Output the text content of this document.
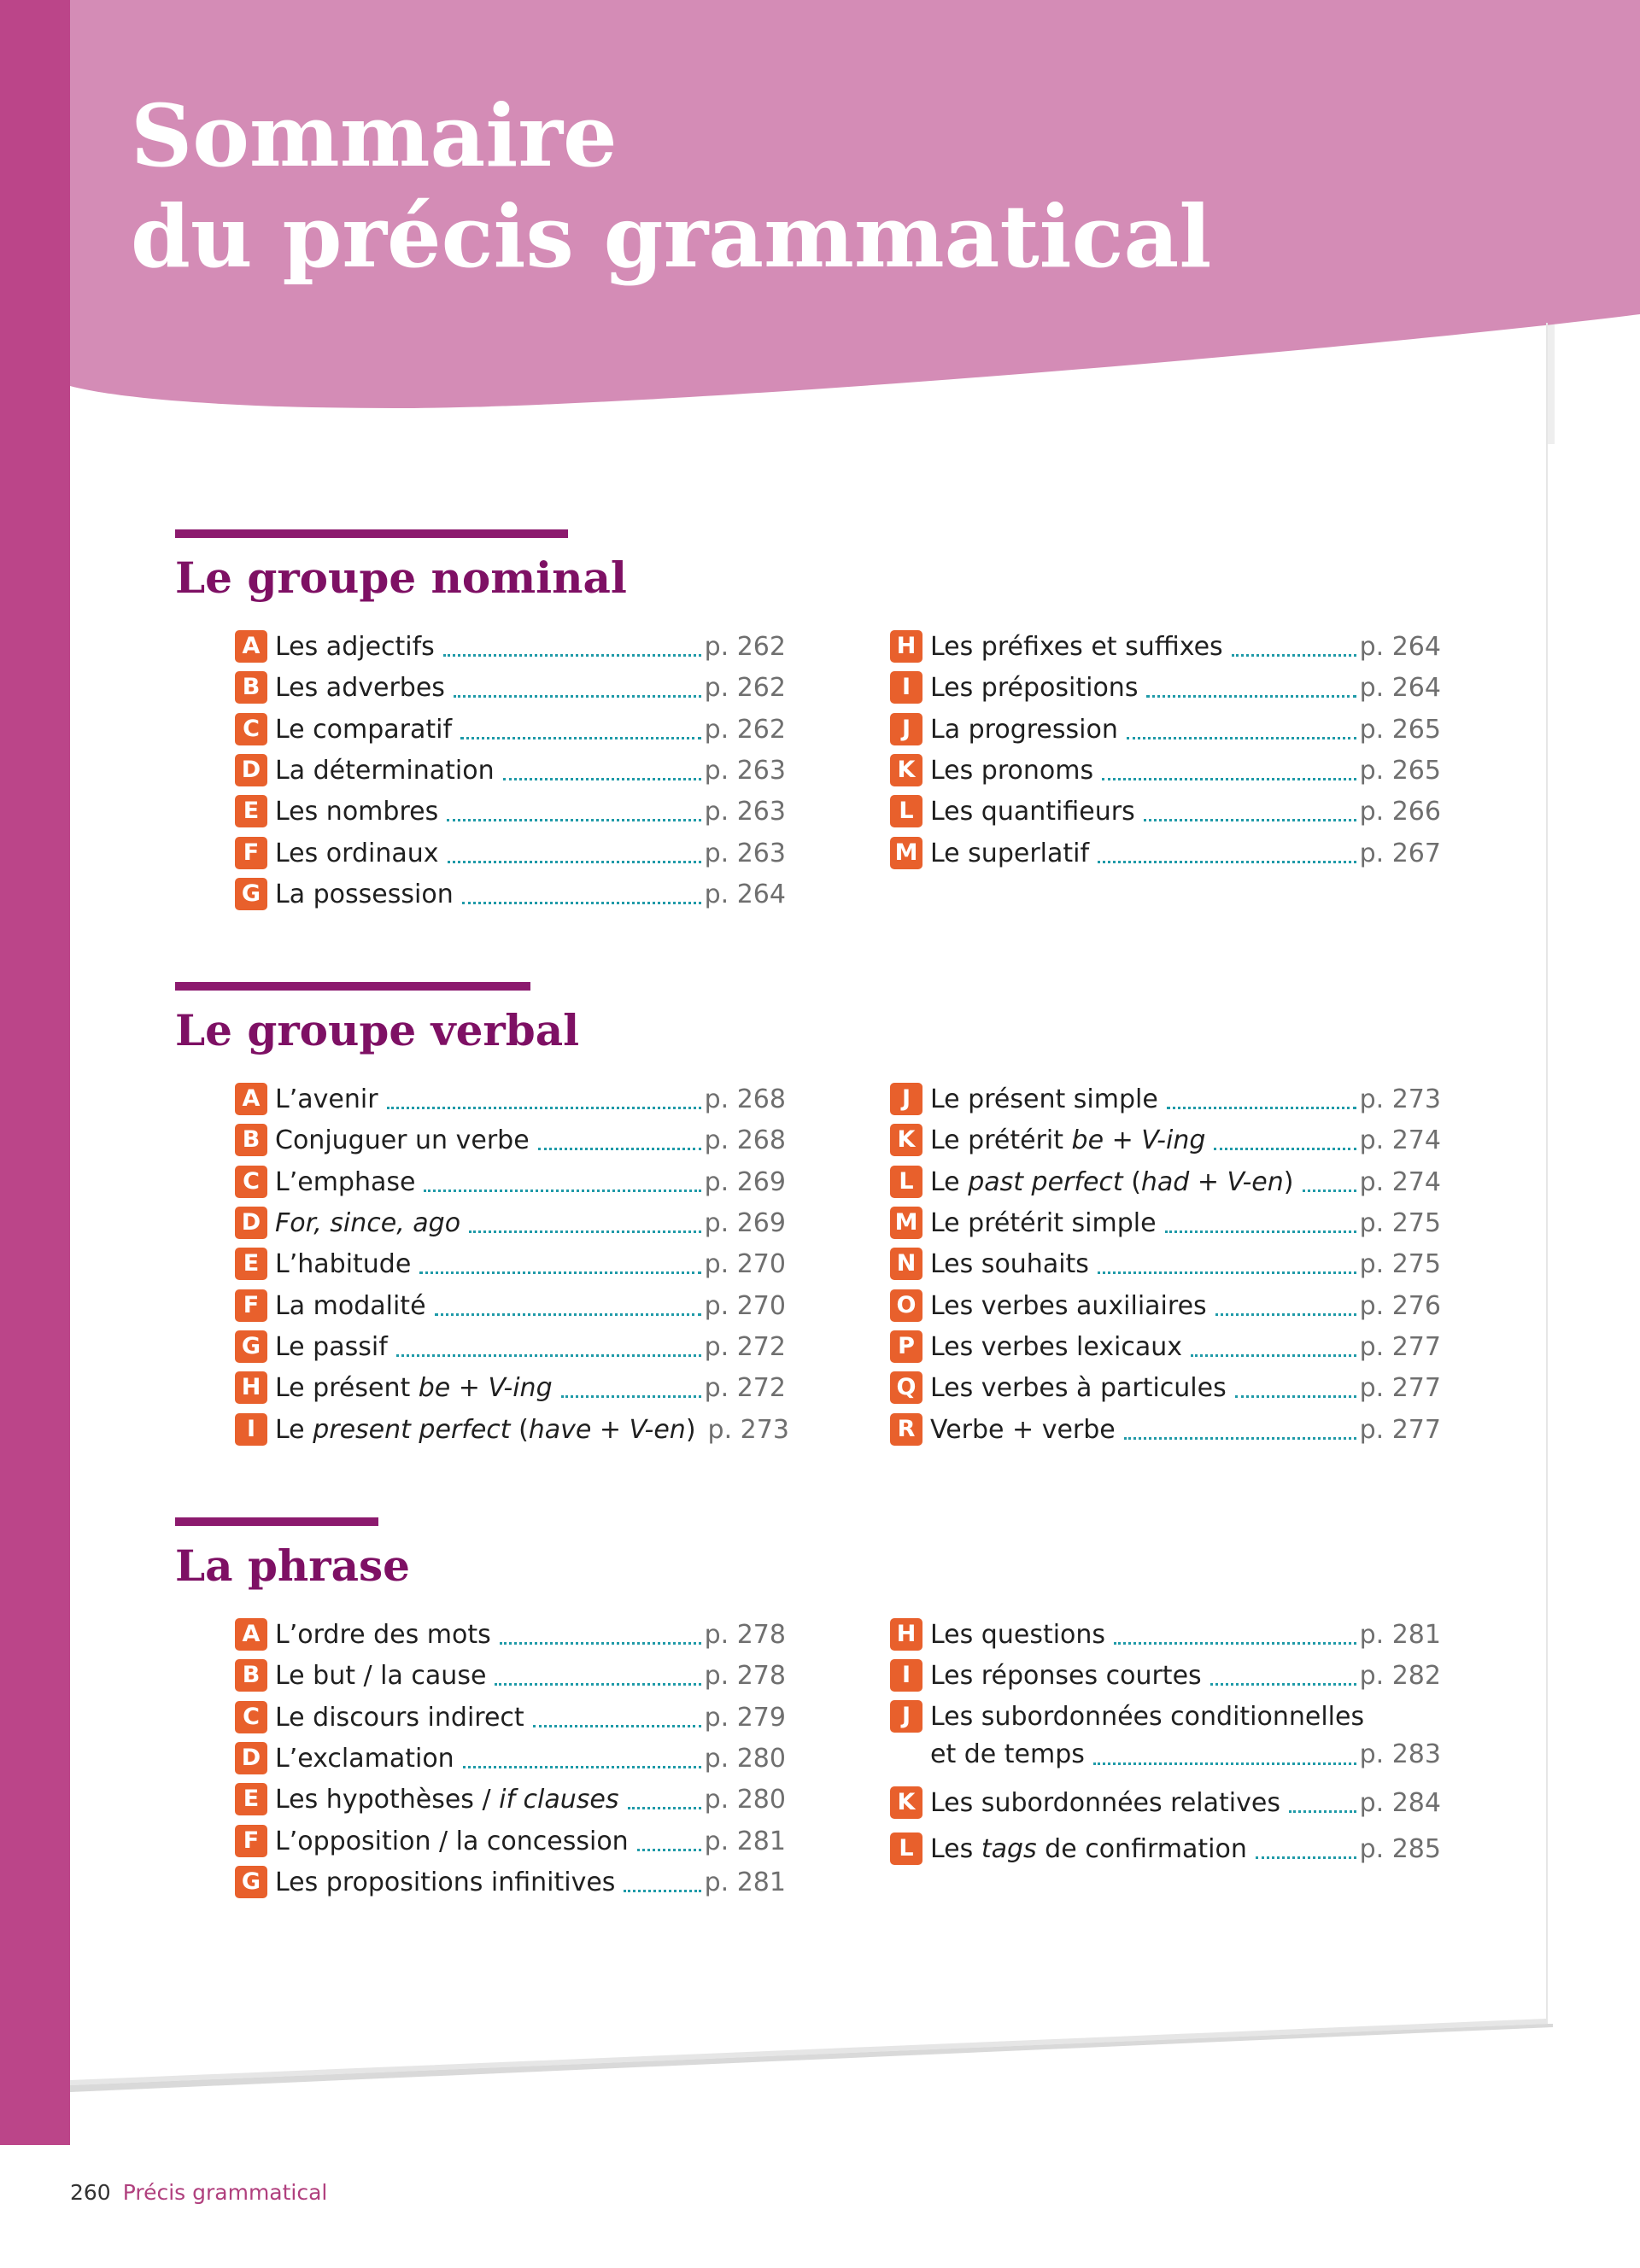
Sommaire
du précis grammatical
Le groupe nominal
A Les adjectifs	p. 262
B Les adverbes	p. 262
C Le comparatif	p. 262
D La détermination	p. 263
E Les nombres	p. 263
F Les ordinaux	p. 263
G La possession	p. 264
H Les préfixes et suffixes	p. 264
I Les prépositions	p. 264
J La progression	p. 265
K Les pronoms	p. 265
L Les quantifieurs	p. 266
M Le superlatif	p. 267
Le groupe verbal
A L’avenir	p. 268
B Conjuguer un verbe	p. 268
C L’emphase	p. 269
D For, since, ago	p. 269
E L’habitude	p. 270
F La modalité	p. 270
G Le passif	p. 272
H Le présent be + V-ing	p. 272
I Le present perfect (have + V-en) p. 273
J Le présent simple	p. 273
K Le prétérit be + V-ing	p. 274
L Le past perfect (had + V-en)	p. 274
M Le prétérit simple	p. 275
N Les souhaits	p. 275
O Les verbes auxiliaires	p. 276
P Les verbes lexicaux	p. 277
Q Les verbes à particules	p. 277
R Verbe + verbe	p. 277
La phrase
A L’ordre des mots	p. 278
B Le but / la cause	p. 278
C Le discours indirect	p. 279
D L’exclamation	p. 280
E Les hypothèses / if clauses	p. 280
F L’opposition / la concession	p. 281
G Les propositions infinitives	p. 281
H Les questions	p. 281
I Les réponses courtes	p. 282
J Les subordonnées conditionnelles
et de temps	p. 283
K Les subordonnées relatives	p. 284
L Les tags de confirmation	p. 285
260 Précis grammatical
